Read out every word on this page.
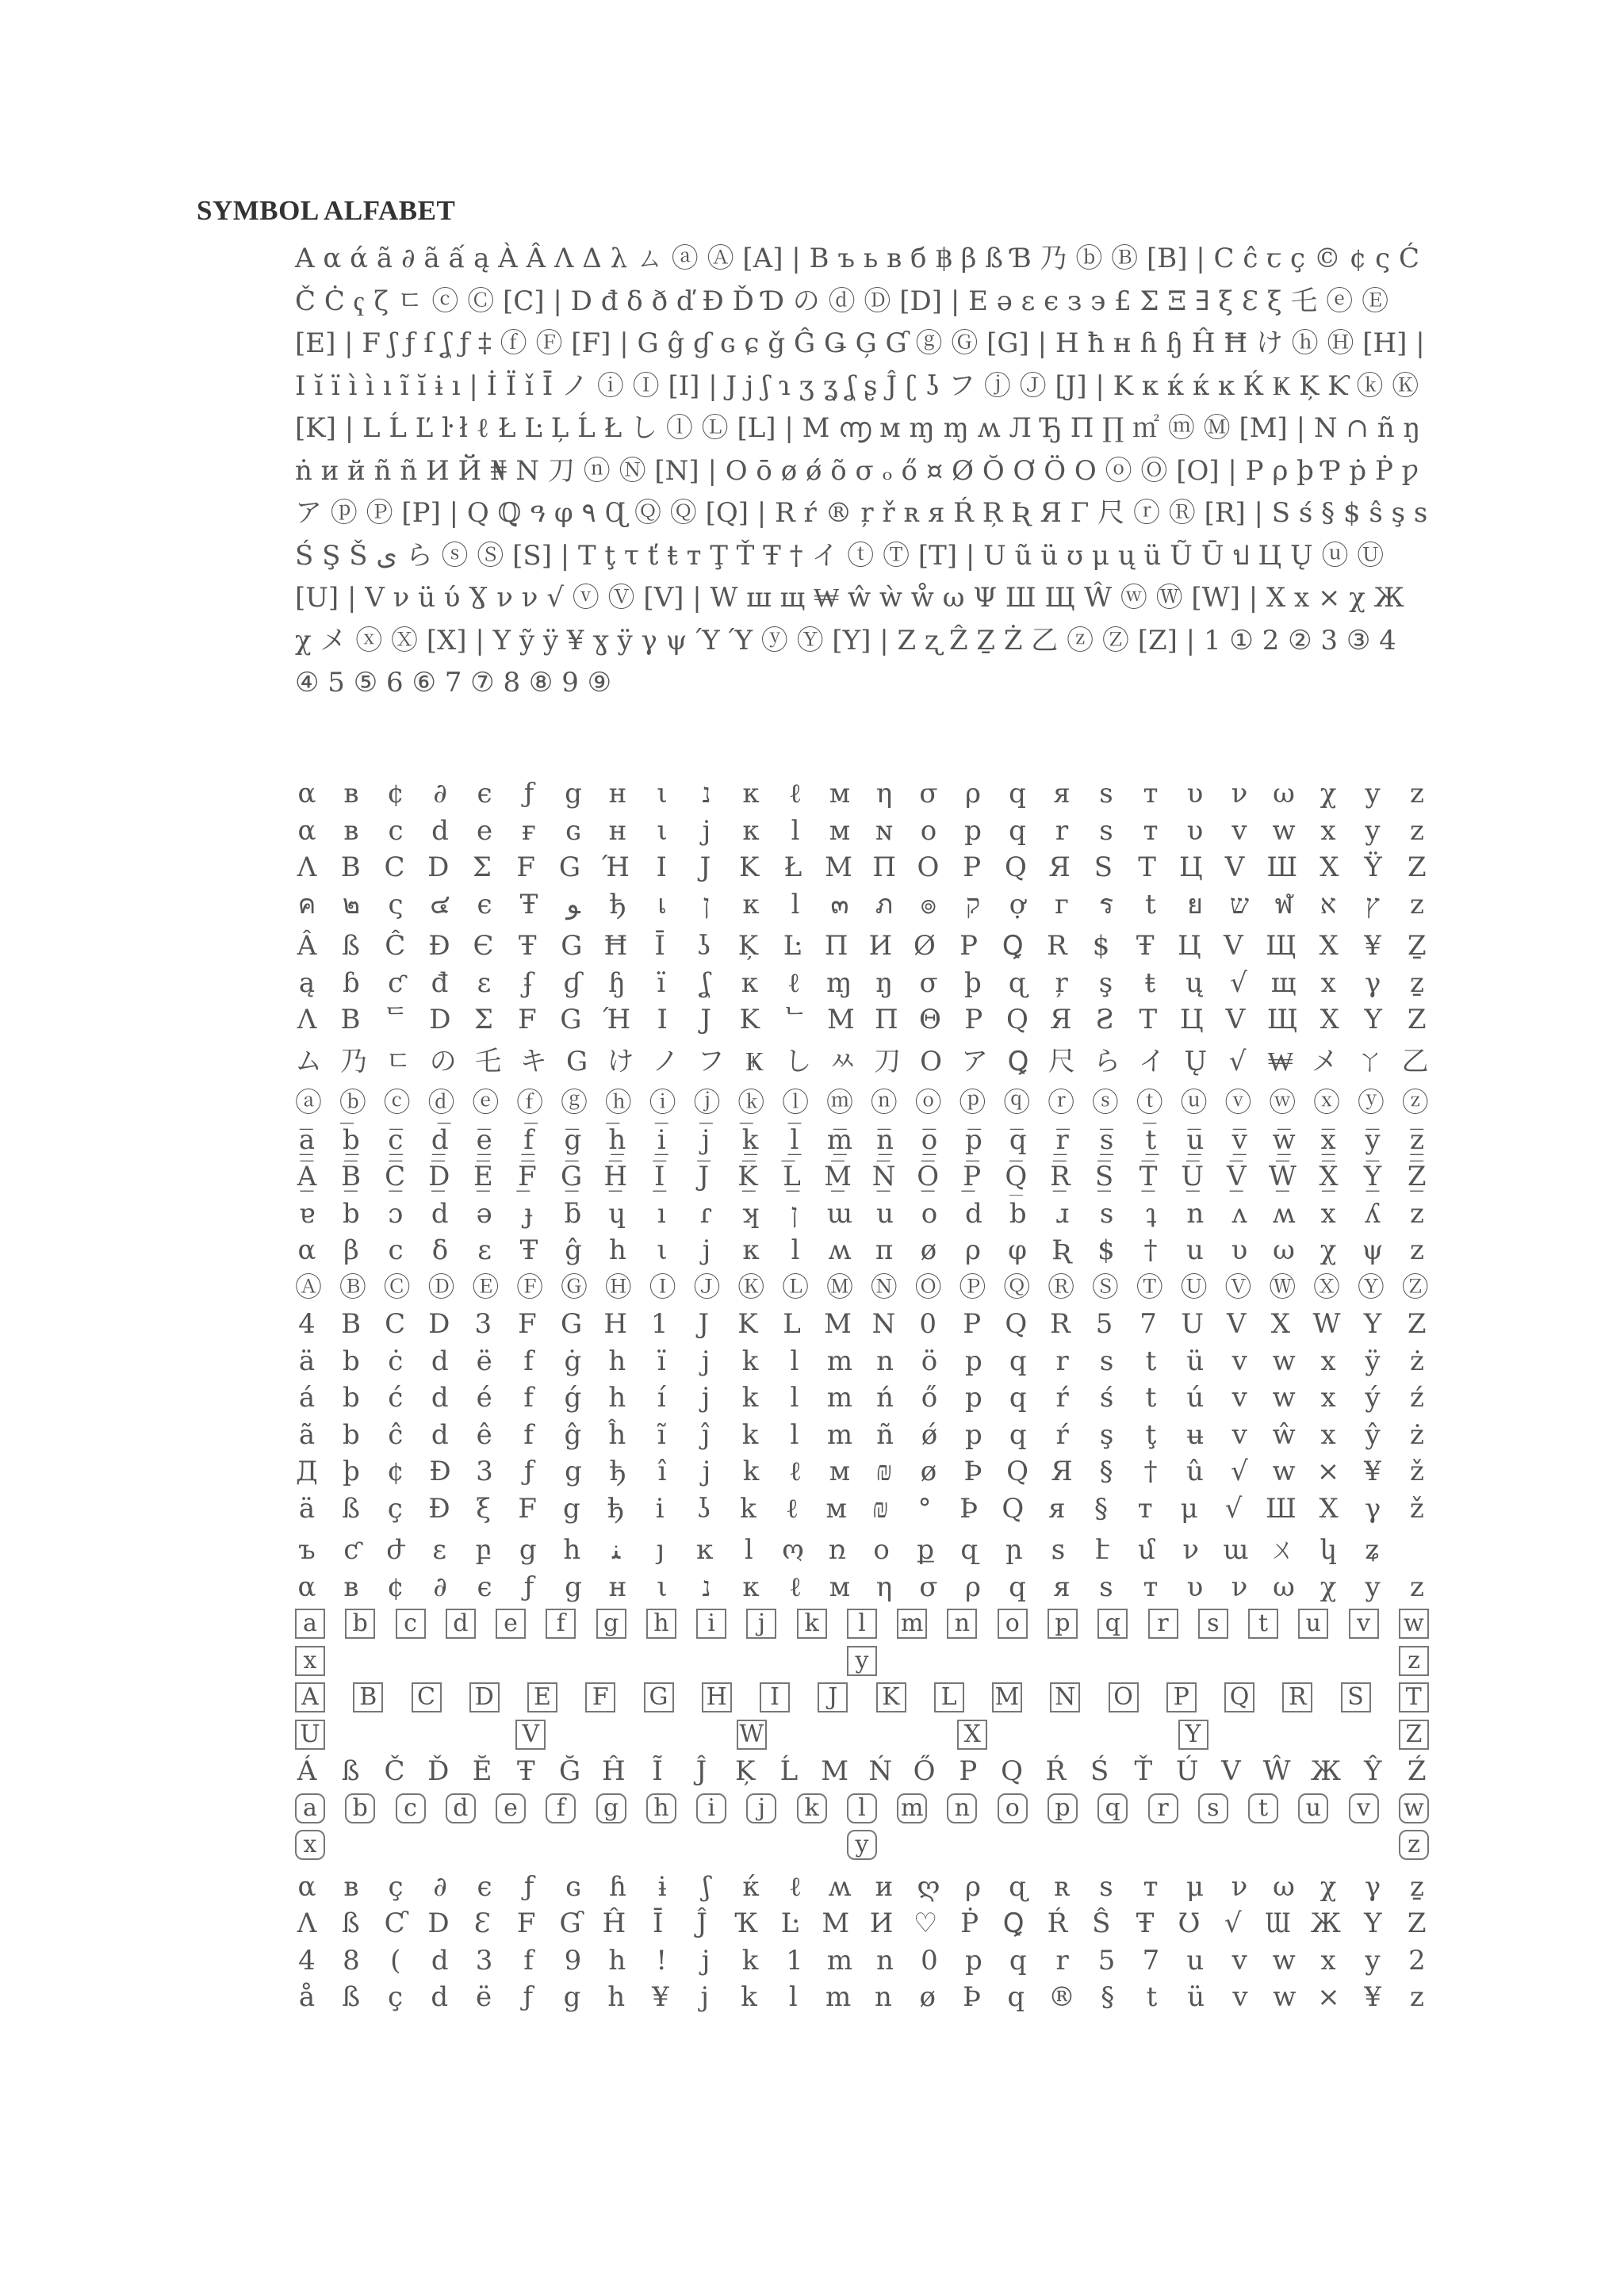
SYMBOL ALFABET

A α ά ã ∂ ã ấ ą À Â Λ Δ λ ㄙ ⓐ Ⓐ [A] | B ъ ь в б ฿ β ß Ɓ 乃 ⓑ Ⓑ [B] | C ĉ ꞇ ç © ¢ ς Ć Č Ċ ҁ ζ ㄷ ⓒ Ⓒ [C] | D đ δ ð ď Đ Ď Ɗ の ⓓ Ⓓ [D] | E ә ε є з э £ Σ Ξ ∃ ξ Ɛ ξ 乇 ⓔ Ⓔ [E] | F ʃ ƒ ſ ʆ ƒ ‡ ⓕ Ⓕ [F] | G ĝ ɠ ɢ ɕ ǧ Ĝ Ǥ Ģ Ɠ ⓖ Ⓖ [G] | H ħ н ɦ ɧ Ĥ Ħ け ⓗ Ⓗ [H] | I ĭ ï ì ì ı ĩ ĭ ɨ ı | İ Ϊ ǐ Ī ノ ⓘ Ⓘ [I] | J j ʃ ɿ ʒ ʓ ʆ ʂ Ĵ ʗ ʖ フ ⓙ Ⓙ [J] | K κ ќ ќ ĸ Ќ Ҝ Ķ Ƙ ⓚ Ⓚ [K] | L Ĺ Ľ ŀ ł ℓ Ł Ŀ Ļ Ĺ Ł し ⓛ Ⓛ [L] | M ൬ м ɱ ɱ ʍ Л Ђ П ∏ ㎡ ⓜ Ⓜ [M] | N ∩ ñ ŋ ṅ и й ñ ñ И Й ₦ Ν 刀 ⓝ Ⓝ [N] | O ō ø ǿ õ σ ₒ ő ¤ Ø Ŏ Ơ Ö O ⓞ Ⓞ [O] | P ρ þ Ƥ ṗ Ṗ ƿ ア ⓟ Ⓟ [P] | Q ℚ ዓ φ ٩ Ɋ Ⓠ Ⓠ [Q] | R ŕ ® ŗ ř ʀ я Ŕ Ŗ Ʀ Я Γ 尺 ⓡ Ⓡ [R] | S ś § $ ŝ ş s Ś Ş Š ى ら ⓢ Ⓢ [S] | T ţ τ ť ŧ т Ţ Ť Ŧ † イ ⓣ Ⓣ [T] | U ũ ü ʊ μ ų ü Ũ Ū ป Ц Ų ⓤ Ⓤ [U] | V ν ü ύ Ɣ ν ν √ ⓥ Ⓥ [V] | W ш щ ₩ ŵ ẁ ẘ ω Ψ Ш Щ Ŵ ⓦ Ⓦ [W] | X x × χ Ж χ メ ⓧ Ⓧ [X] | Y ỹ ÿ ¥ ɣ ÿ γ ψ Ύ Ύ ⓨ Ⓨ [Y] | Z ʐ Ẑ Ẕ Ż 乙 ⓩ Ⓩ [Z] | 1 ① 2 ② 3 ③ 4 ④ 5 ⑤ 6 ⑥ 7 ⑦ 8 ⑧ 9 ⑨

α в ¢ ∂ є ƒ g н ι נ к ℓ м η σ ρ q я ѕ т υ ν ω χ у z
α в c d e ғ ɢ н ι j к l м ɴ o p q r ѕ т υ v w x y z
Λ B C D Σ F G Ή I J K Ł M Π O P Q Я S T Ц V Ш X Ÿ Z
ค ๒ ς ๔ є Ŧ ﻮ ђ เ	ן	к l ๓ ภ ๏ ק ợ г ร t ย ש ฬ א ץ z
Â ß Ĉ Đ Є Ŧ G Ħ Ī ʖ Ķ Ŀ Π И Ø P Ꝗ R $ Ŧ Ц V Щ X ¥ Ẕ
ą ɓ ƈ đ ε ʄ ɠ ɧ ï ʆ κ ℓ ɱ ŋ σ þ ɋ ŗ ş ŧ ų √ щ x γ ẕ
Λ B ᄃ D Σ F G Ή I J K ᄂ M Π Θ P Q Я Ƨ T Ц V Щ X Y Z
ム 乃 ㄷ の 乇 キ G け ノ フ Ҝ し ﾶ 刀 O ア Ꝗ 尺 ら イ Ų √ ₩ メ ㄚ 乙
ⓐ ⓑ ⓒ ⓓ ⓔ ⓕ ⓖ ⓗ ⓘ ⓙ ⓚ ⓛ ⓜ ⓝ ⓞ ⓟ ⓠ ⓡ ⓢ ⓣ ⓤ ⓥ ⓦ ⓧ ⓨ ⓩ
a̲̅ b̲̅ c̲̅ d̲̅ e̲̅ f̲̅ g̲̅ h̲̅ i̲̅ j̲̅ k̲̅ l̲̅ m̲̅ n̲̅ o̲̅ p̲̅ q̲̅ r̲̅ s̲̅ t̲̅ u̲̅ v̲̅ w̲̅ x̲̅ y̲̅ z̲̅
A̲̅ B̲̅ C̲̅ D̲̅ E̲̅ F̲̅ G̲̅ H̲̅ I̲̅ J̲̅ K̲̅ L̲̅ M̲̅ N̲̅ O̲̅ P̲̅ Q̲̅ R̲̅ S̲̅ T̲̅ U̲̅ V̲̅ W̲̅ X̲̅ Y̲̅ Z̲̅
ɐ b ɔ d ǝ ɟ ƃ ɥ ı ɾ ʞ	ן	ɯ u o d b ɹ s ʇ n ʌ ʍ x ʎ z
α β c δ ε Ŧ ĝ h ι j κ l ʍ π ø ρ φ Ʀ $ † u υ ω χ ψ z
Ⓐ Ⓑ Ⓒ Ⓓ Ⓔ Ⓕ Ⓖ Ⓗ Ⓘ Ⓙ Ⓚ Ⓛ Ⓜ Ⓝ Ⓞ Ⓟ Ⓠ Ⓡ Ⓢ Ⓣ Ⓤ Ⓥ Ⓦ Ⓧ Ⓨ Ⓩ
4 B C D 3 F G H 1 J K L M N 0 P Q R 5 7 U V X W Y Z
ä b ċ d ë f ġ h ï j k l m n ö p q r s t ü v w x ÿ ż
á b ć d é f ǵ h í j k l m ń ő p q ŕ ś t ú v w x ý ź
ã b ĉ d ê f ĝ ĥ ĩ ĵ k l m ñ ǿ p q ŕ ş ţ ʉ v ŵ x ŷ ż
Д þ ¢ Ð 3 ƒ g ђ î j k ℓ м ₪ ø Þ Q Я § † û √ w × ¥ ž
ä ß ç Ð ξ F g ђ i ʖ k ℓ м ₪ ° Þ Q я § т μ √ Ш Χ γ ž
ъ ƈ ժ ε բ ց հ ﻨ յ ĸ l ო ռ օ ք զ ր ꜱ է մ ν ա ㄨ կ ʑ
α в ¢ ∂ є ƒ g н ι נ к ℓ м η σ ρ q я ѕ т υ ν ω χ у z
a	b	c	d	e	f	g	h	i	j	k	l	m	n	o	p	q	r	s	t	u	v	w
x	y	z
A B C D E F G H	I	J	K	L	M N O P Q R S T
U	V	W	X	Y	Z
Á ß Č Ď Ĕ Ŧ Ğ Ĥ Ĩ Ĵ Ķ Ĺ M Ń Ő P Q Ŕ Ś Ť Ú V Ŵ Ж Ŷ Ź
a	b	c	d	e	f	g	h	i	j	k	l	m	n	o	p	q	r	s	t	u	v	w
x	y	z
α в ç ∂ є ƒ ɢ ɦ ɨ	ʃ	ќ ℓ ʍ и ღ ρ ɋ ʀ ѕ т μ ν ω χ γ ẕ
Λ ß Ƈ D Ɛ F Ɠ Ĥ Ī Ĵ Ҡ Ŀ M И ♡ Ṗ Ꝗ Ŕ Ŝ Ŧ Ʊ √ Ɯ Ж Y Z
4 8 ( d 3 f 9 h ! j k 1 m n 0 p q r 5 7 u v w x y 2
å ß ç d ë ƒ g h ¥ j k l m n ø Þ q ® § t ü v w × ¥ z
